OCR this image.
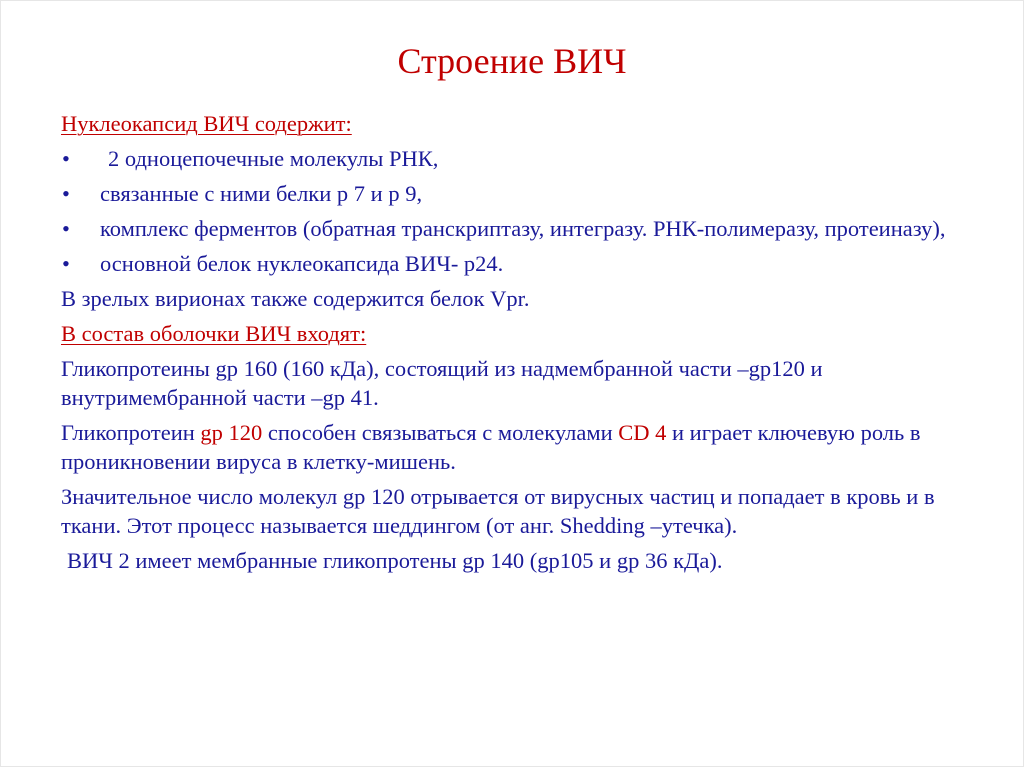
Строение ВИЧ
Нуклеокапсид ВИЧ содержит:
•	2 одноцепочечные молекулы РНК,
•	связанные с ними белки р 7 и р 9,
•	комплекс ферментов (обратная транскриптазу, интегразу. РНК-полимеразу, протеиназу),
•	основной белок нуклеокапсида ВИЧ- р24.
В зрелых вирионах также содержится белок Vpr.
В состав оболочки ВИЧ входят:
Гликопротеины gp 160 (160 кДа), состоящий из надмембранной части –gp120 и внутримембранной части –gp 41.
Гликопротеин gp 120 способен связываться с молекулами CD 4 и играет ключевую роль в проникновении вируса в клетку-мишень.
Значительное число молекул gp 120 отрывается от вирусных частиц и попадает в кровь и в ткани. Этот процесс называется шеддингом (от анг. Shedding –утечка).
ВИЧ 2 имеет мембранные гликопротены gp 140 (gp105 и gp 36 кДа).
